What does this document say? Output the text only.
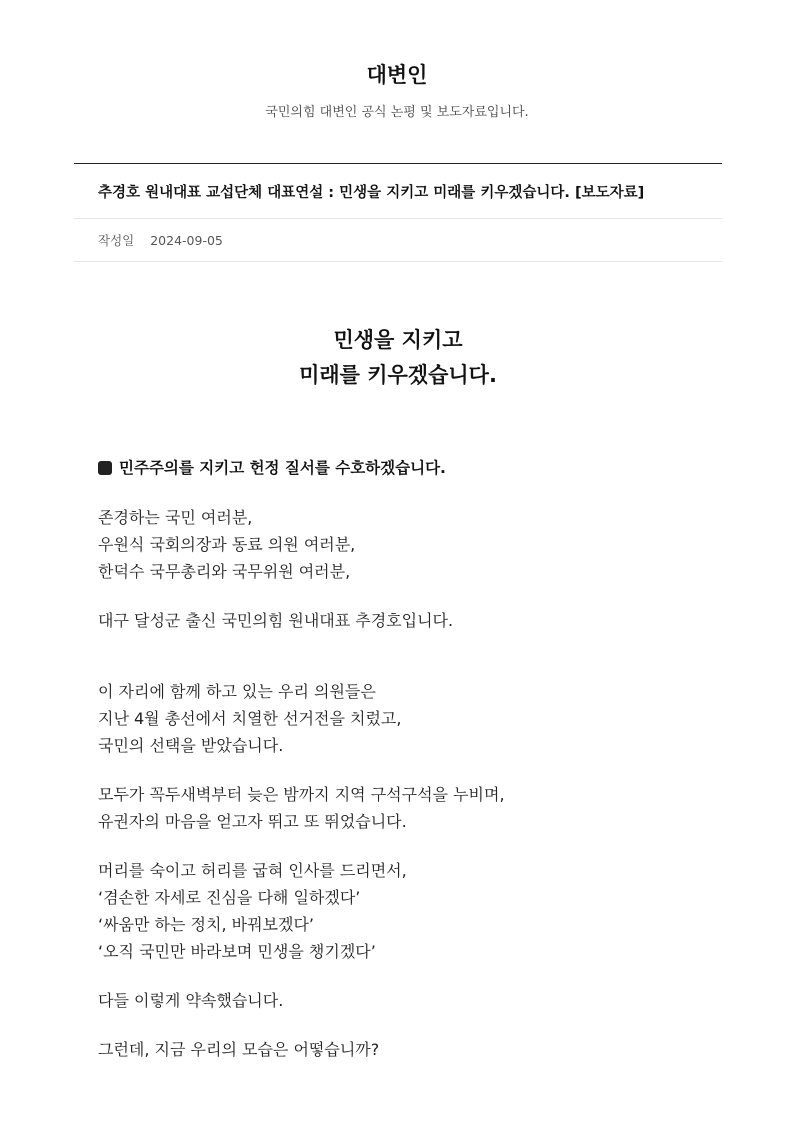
대변인
국민의힘 대변인 공식 논평 및 보도자료입니다.
추경호 원내대표 교섭단체 대표연설 : 민생을 지키고 미래를 키우겠습니다. [보도자료]
작성일 2024-09-05
민생을 지키고
미래를 키우겠습니다.
민주주의를 지키고 헌정 질서를 수호하겠습니다.

존경하는 국민 여러분,
우원식 국회의장과 동료 의원 여러분,
한덕수 국무총리와 국무위원 여러분,

대구 달성군 출신 국민의힘 원내대표 추경호입니다.

이 자리에 함께 하고 있는 우리 의원들은
지난 4월 총선에서 치열한 선거전을 치렀고,
국민의 선택을 받았습니다.

모두가 꼭두새벽부터 늦은 밤까지 지역 구석구석을 누비며,
유권자의 마음을 얻고자 뛰고 또 뛰었습니다.

머리를 숙이고 허리를 굽혀 인사를 드리면서,
‘겸손한 자세로 진심을 다해 일하겠다’
‘싸움만 하는 정치, 바꿔보겠다’
‘오직 국민만 바라보며 민생을 챙기겠다’

다들 이렇게 약속했습니다.

그런데, 지금 우리의 모습은 어떻습니까?
